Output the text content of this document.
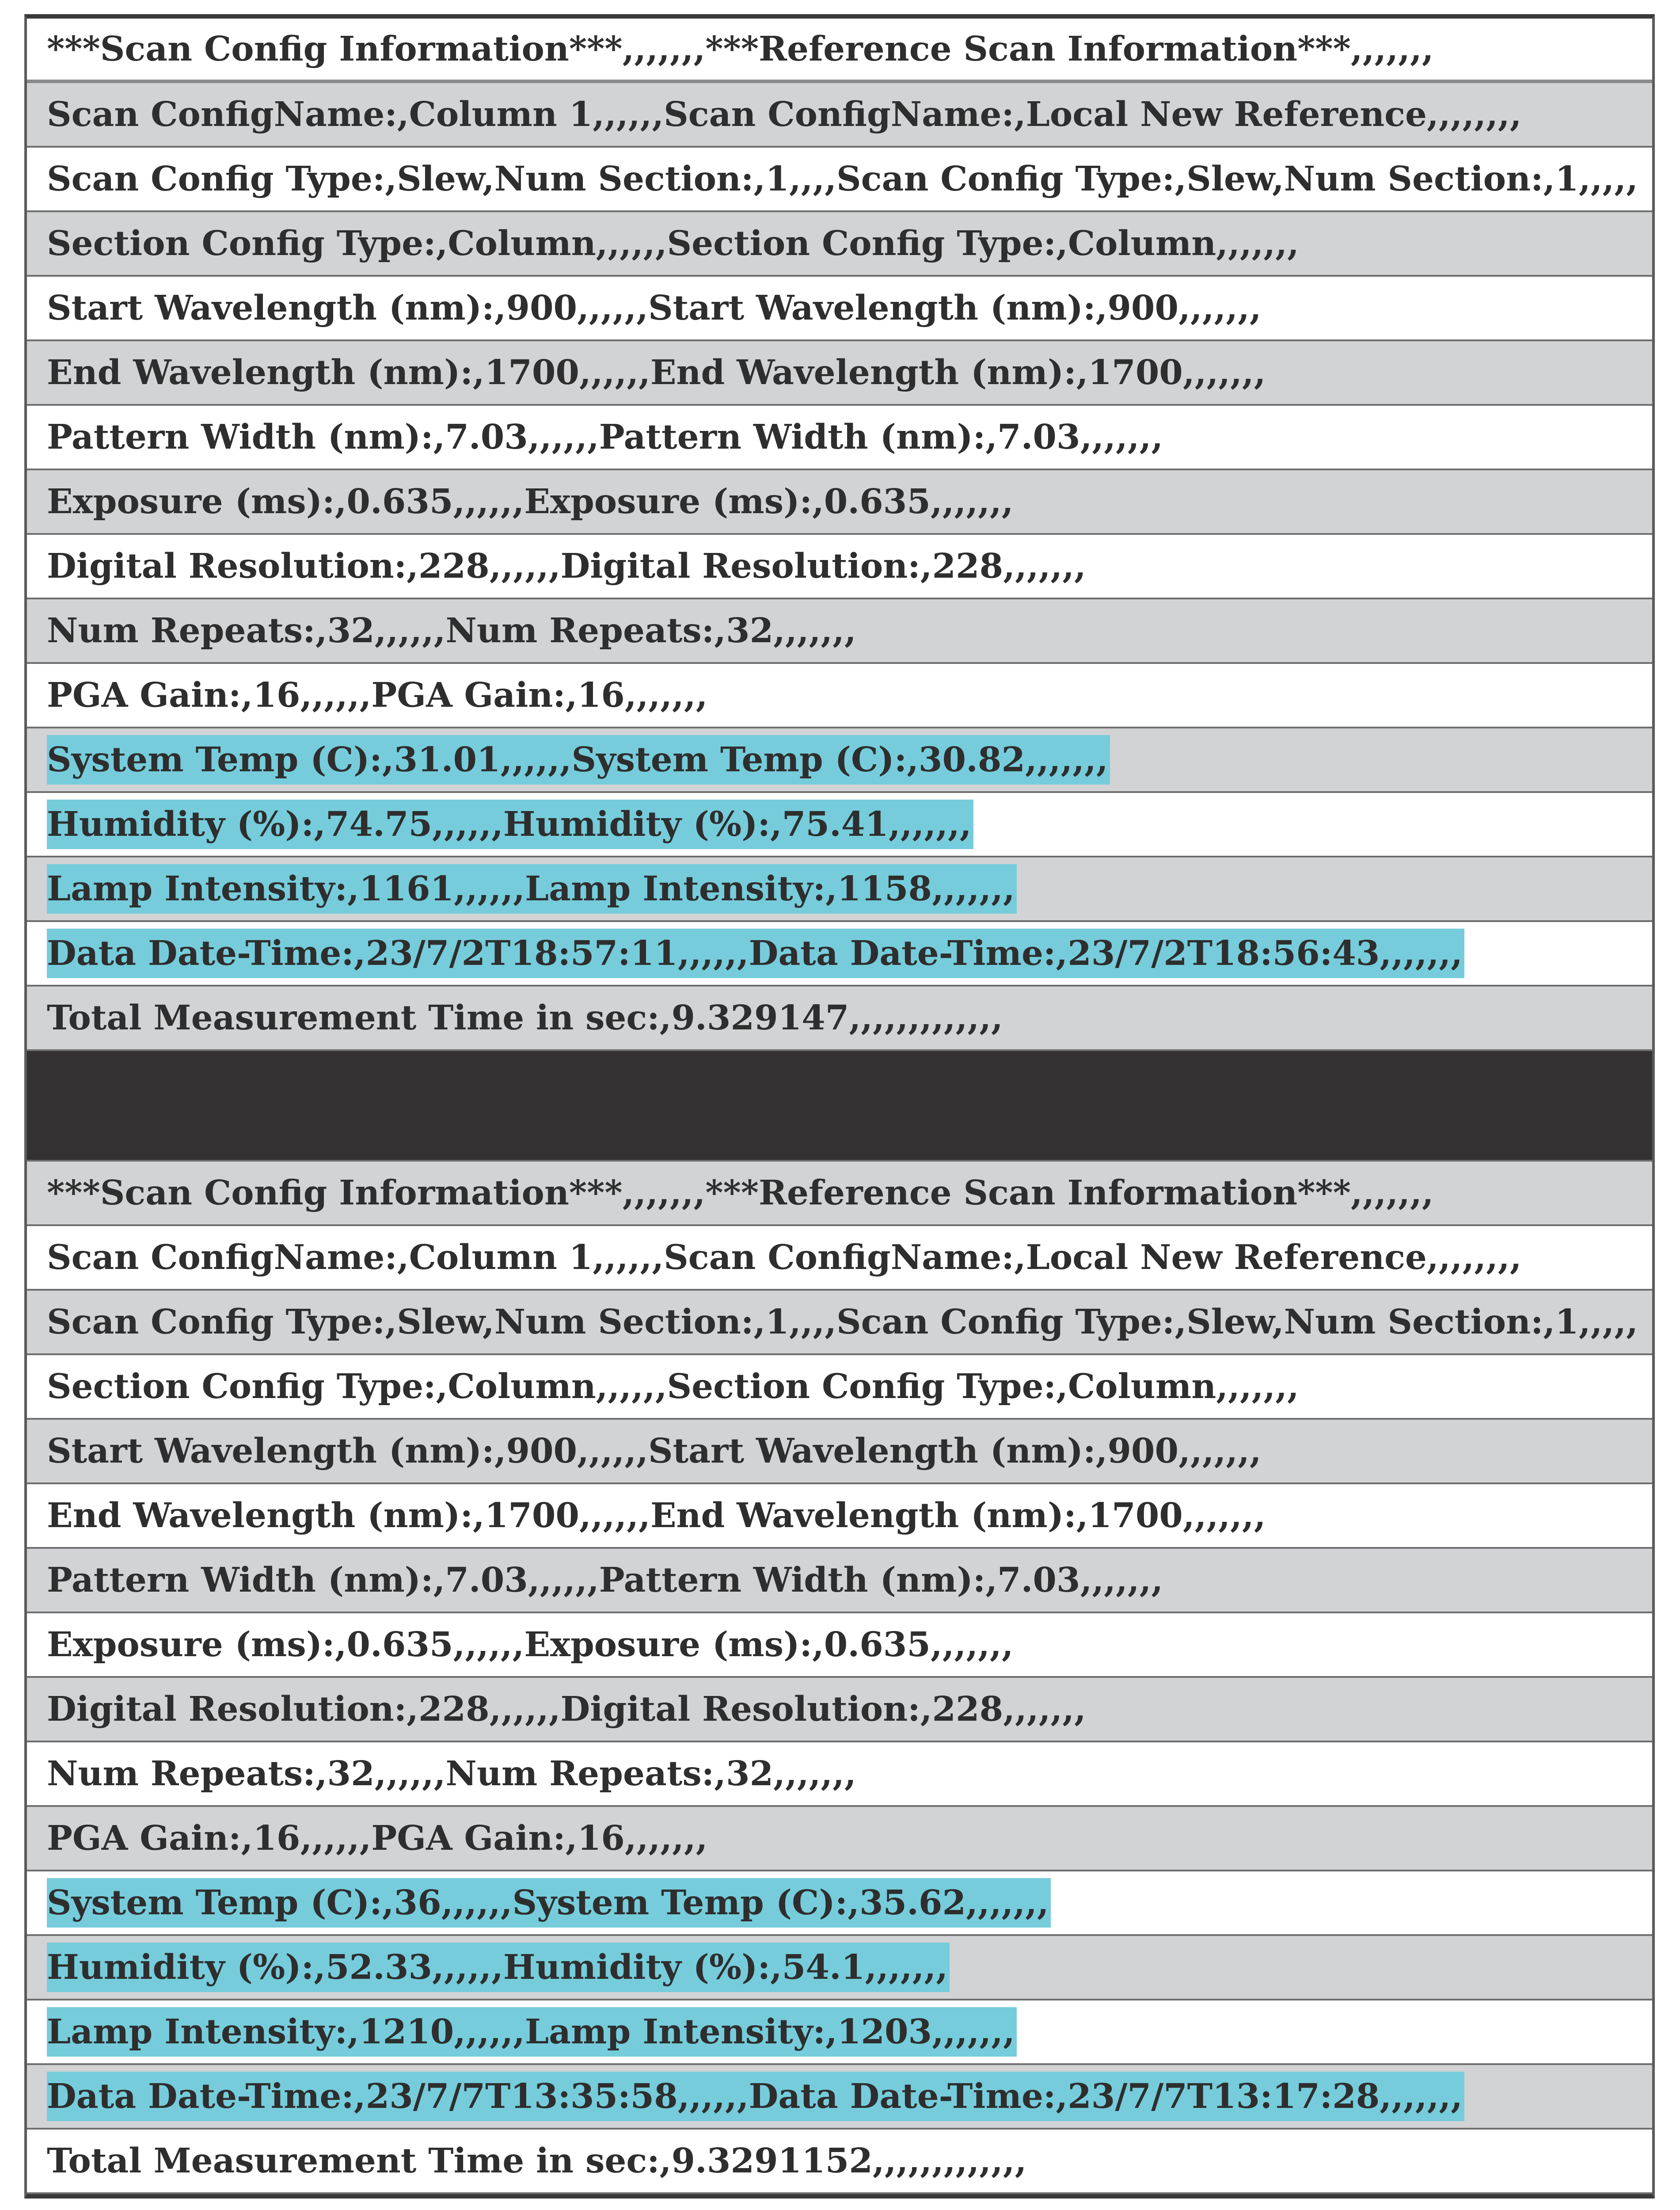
***Scan Config Information***,,,,,,,***Reference Scan Information***,,,,,,,
Scan ConfigName:,Column 1,,,,,,Scan ConfigName:,Local New Reference,,,,,,,,
Scan Config Type:,Slew,Num Section:,1,,,,Scan Config Type:,Slew,Num Section:,1,,,,,
Section Config Type:,Column,,,,,,Section Config Type:,Column,,,,,,,
Start Wavelength (nm):,900,,,,,,Start Wavelength (nm):,900,,,,,,,
End Wavelength (nm):,1700,,,,,,End Wavelength (nm):,1700,,,,,,,
Pattern Width (nm):,7.03,,,,,,Pattern Width (nm):,7.03,,,,,,,
Exposure (ms):,0.635,,,,,,Exposure (ms):,0.635,,,,,,,
Digital Resolution:,228,,,,,,Digital Resolution:,228,,,,,,,
Num Repeats:,32,,,,,,Num Repeats:,32,,,,,,,
PGA Gain:,16,,,,,,PGA Gain:,16,,,,,,,
System Temp (C):,31.01,,,,,,System Temp (C):,30.82,,,,,,,
Humidity (%):,74.75,,,,,,Humidity (%):,75.41,,,,,,,
Lamp Intensity:,1161,,,,,,Lamp Intensity:,1158,,,,,,,
Data Date-Time:,23/7/2T18:57:11,,,,,,Data Date-Time:,23/7/2T18:56:43,,,,,,,
Total Measurement Time in sec:,9.329147,,,,,,,,,,,,,
***Scan Config Information***,,,,,,,***Reference Scan Information***,,,,,,,
Scan ConfigName:,Column 1,,,,,,Scan ConfigName:,Local New Reference,,,,,,,,
Scan Config Type:,Slew,Num Section:,1,,,,Scan Config Type:,Slew,Num Section:,1,,,,,
Section Config Type:,Column,,,,,,Section Config Type:,Column,,,,,,,
Start Wavelength (nm):,900,,,,,,Start Wavelength (nm):,900,,,,,,,
End Wavelength (nm):,1700,,,,,,End Wavelength (nm):,1700,,,,,,,
Pattern Width (nm):,7.03,,,,,,Pattern Width (nm):,7.03,,,,,,,
Exposure (ms):,0.635,,,,,,Exposure (ms):,0.635,,,,,,,
Digital Resolution:,228,,,,,,Digital Resolution:,228,,,,,,,
Num Repeats:,32,,,,,,Num Repeats:,32,,,,,,,
PGA Gain:,16,,,,,,PGA Gain:,16,,,,,,,
System Temp (C):,36,,,,,,System Temp (C):,35.62,,,,,,,
Humidity (%):,52.33,,,,,,Humidity (%):,54.1,,,,,,,
Lamp Intensity:,1210,,,,,,Lamp Intensity:,1203,,,,,,,
Data Date-Time:,23/7/7T13:35:58,,,,,,Data Date-Time:,23/7/7T13:17:28,,,,,,,
Total Measurement Time in sec:,9.3291152,,,,,,,,,,,,,
